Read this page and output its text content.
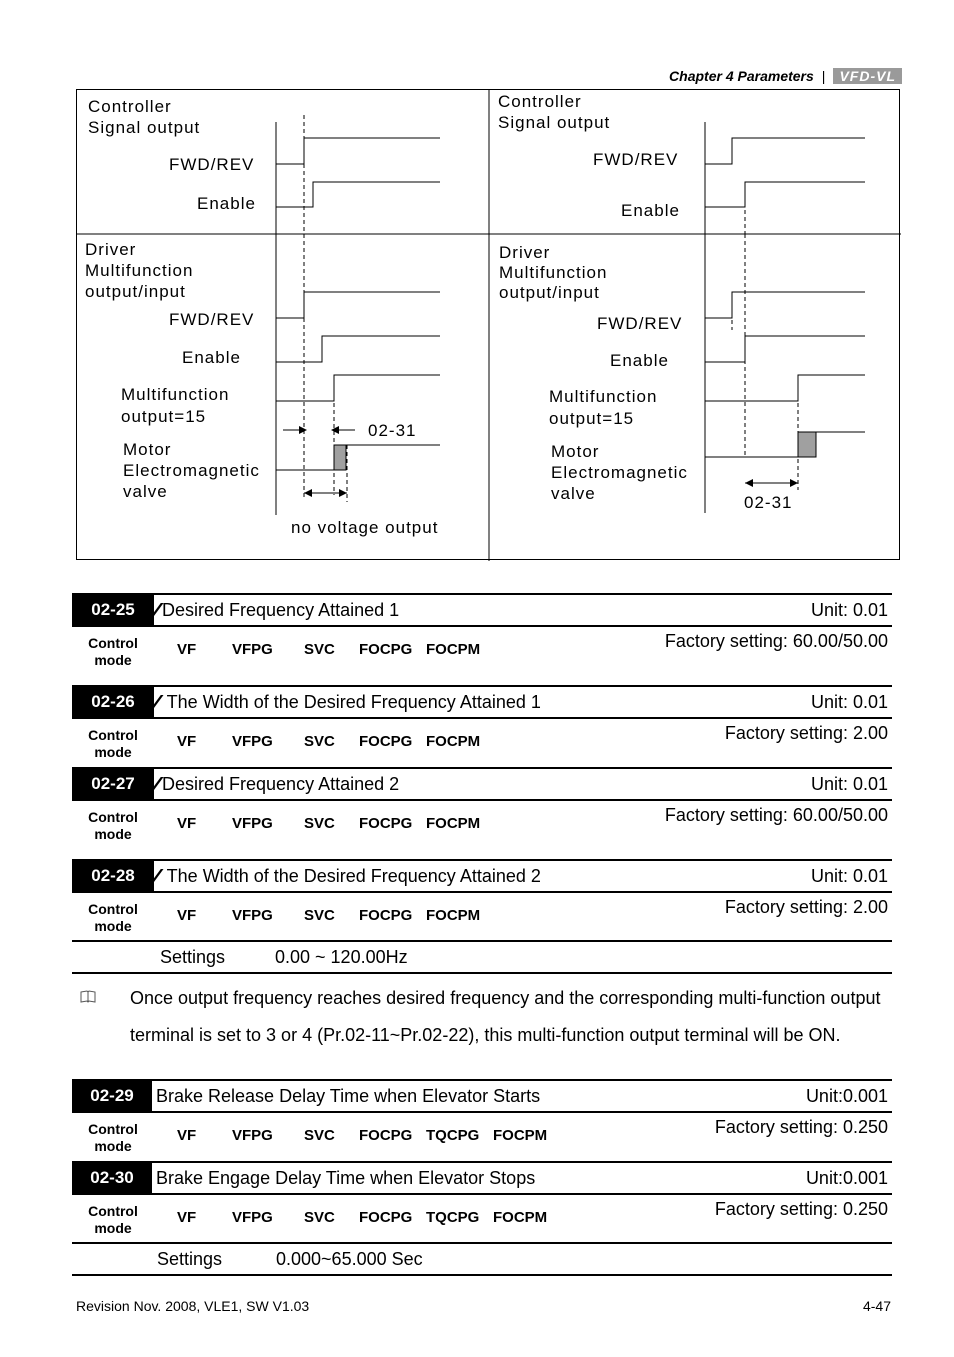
Chapter 4 Parameters |	VFD-VL
Controller
Signal output
FWD/REV
Enable
Driver
Multifunction
output/input
FWD/REV
Enable
Multifunction
output=15
02-31
Motor
Electromagnetic
valve
no voltage output
Controller
Signal output
FWD/REV
Enable
Driver
Multifunction
output/input
FWD/REV
Enable
Multifunction
output=15
Motor
Electromagnetic
valve	02-31
02-25	Desired Frequency Attained 1	Unit: 0.01
Control mode
VF VFPG SVC FOCPG FOCPM	Factory setting: 60.00/50.00
02-26	The Width of the Desired Frequency Attained 1	Unit: 0.01
Control mode
VF VFPG SVC FOCPG FOCPM	Factory setting: 2.00
02-27	Desired Frequency Attained 2	Unit: 0.01
Control mode
VF VFPG SVC FOCPG FOCPM	Factory setting: 60.00/50.00
02-28	The Width of the Desired Frequency Attained 2	Unit: 0.01
Control mode
VF VFPG SVC FOCPG FOCPM	Factory setting: 2.00
Settings	0.00 ~ 120.00Hz
Once output frequency reaches desired frequency and the corresponding multi-function output
terminal is set to 3 or 4 (Pr.02-11~Pr.02-22), this multi-function output terminal will be ON.
02-29	Brake Release Delay Time when Elevator Starts	Unit:0.001
Control mode
VF VFPG SVC FOCPG TQCPG FOCPM	Factory setting: 0.250
02-30	Brake Engage Delay Time when Elevator Stops	Unit:0.001
Control mode
VF VFPG SVC FOCPG TQCPG FOCPM	Factory setting: 0.250
Settings	0.000~65.000 Sec
Revision Nov. 2008, VLE1, SW V1.03	4-47
